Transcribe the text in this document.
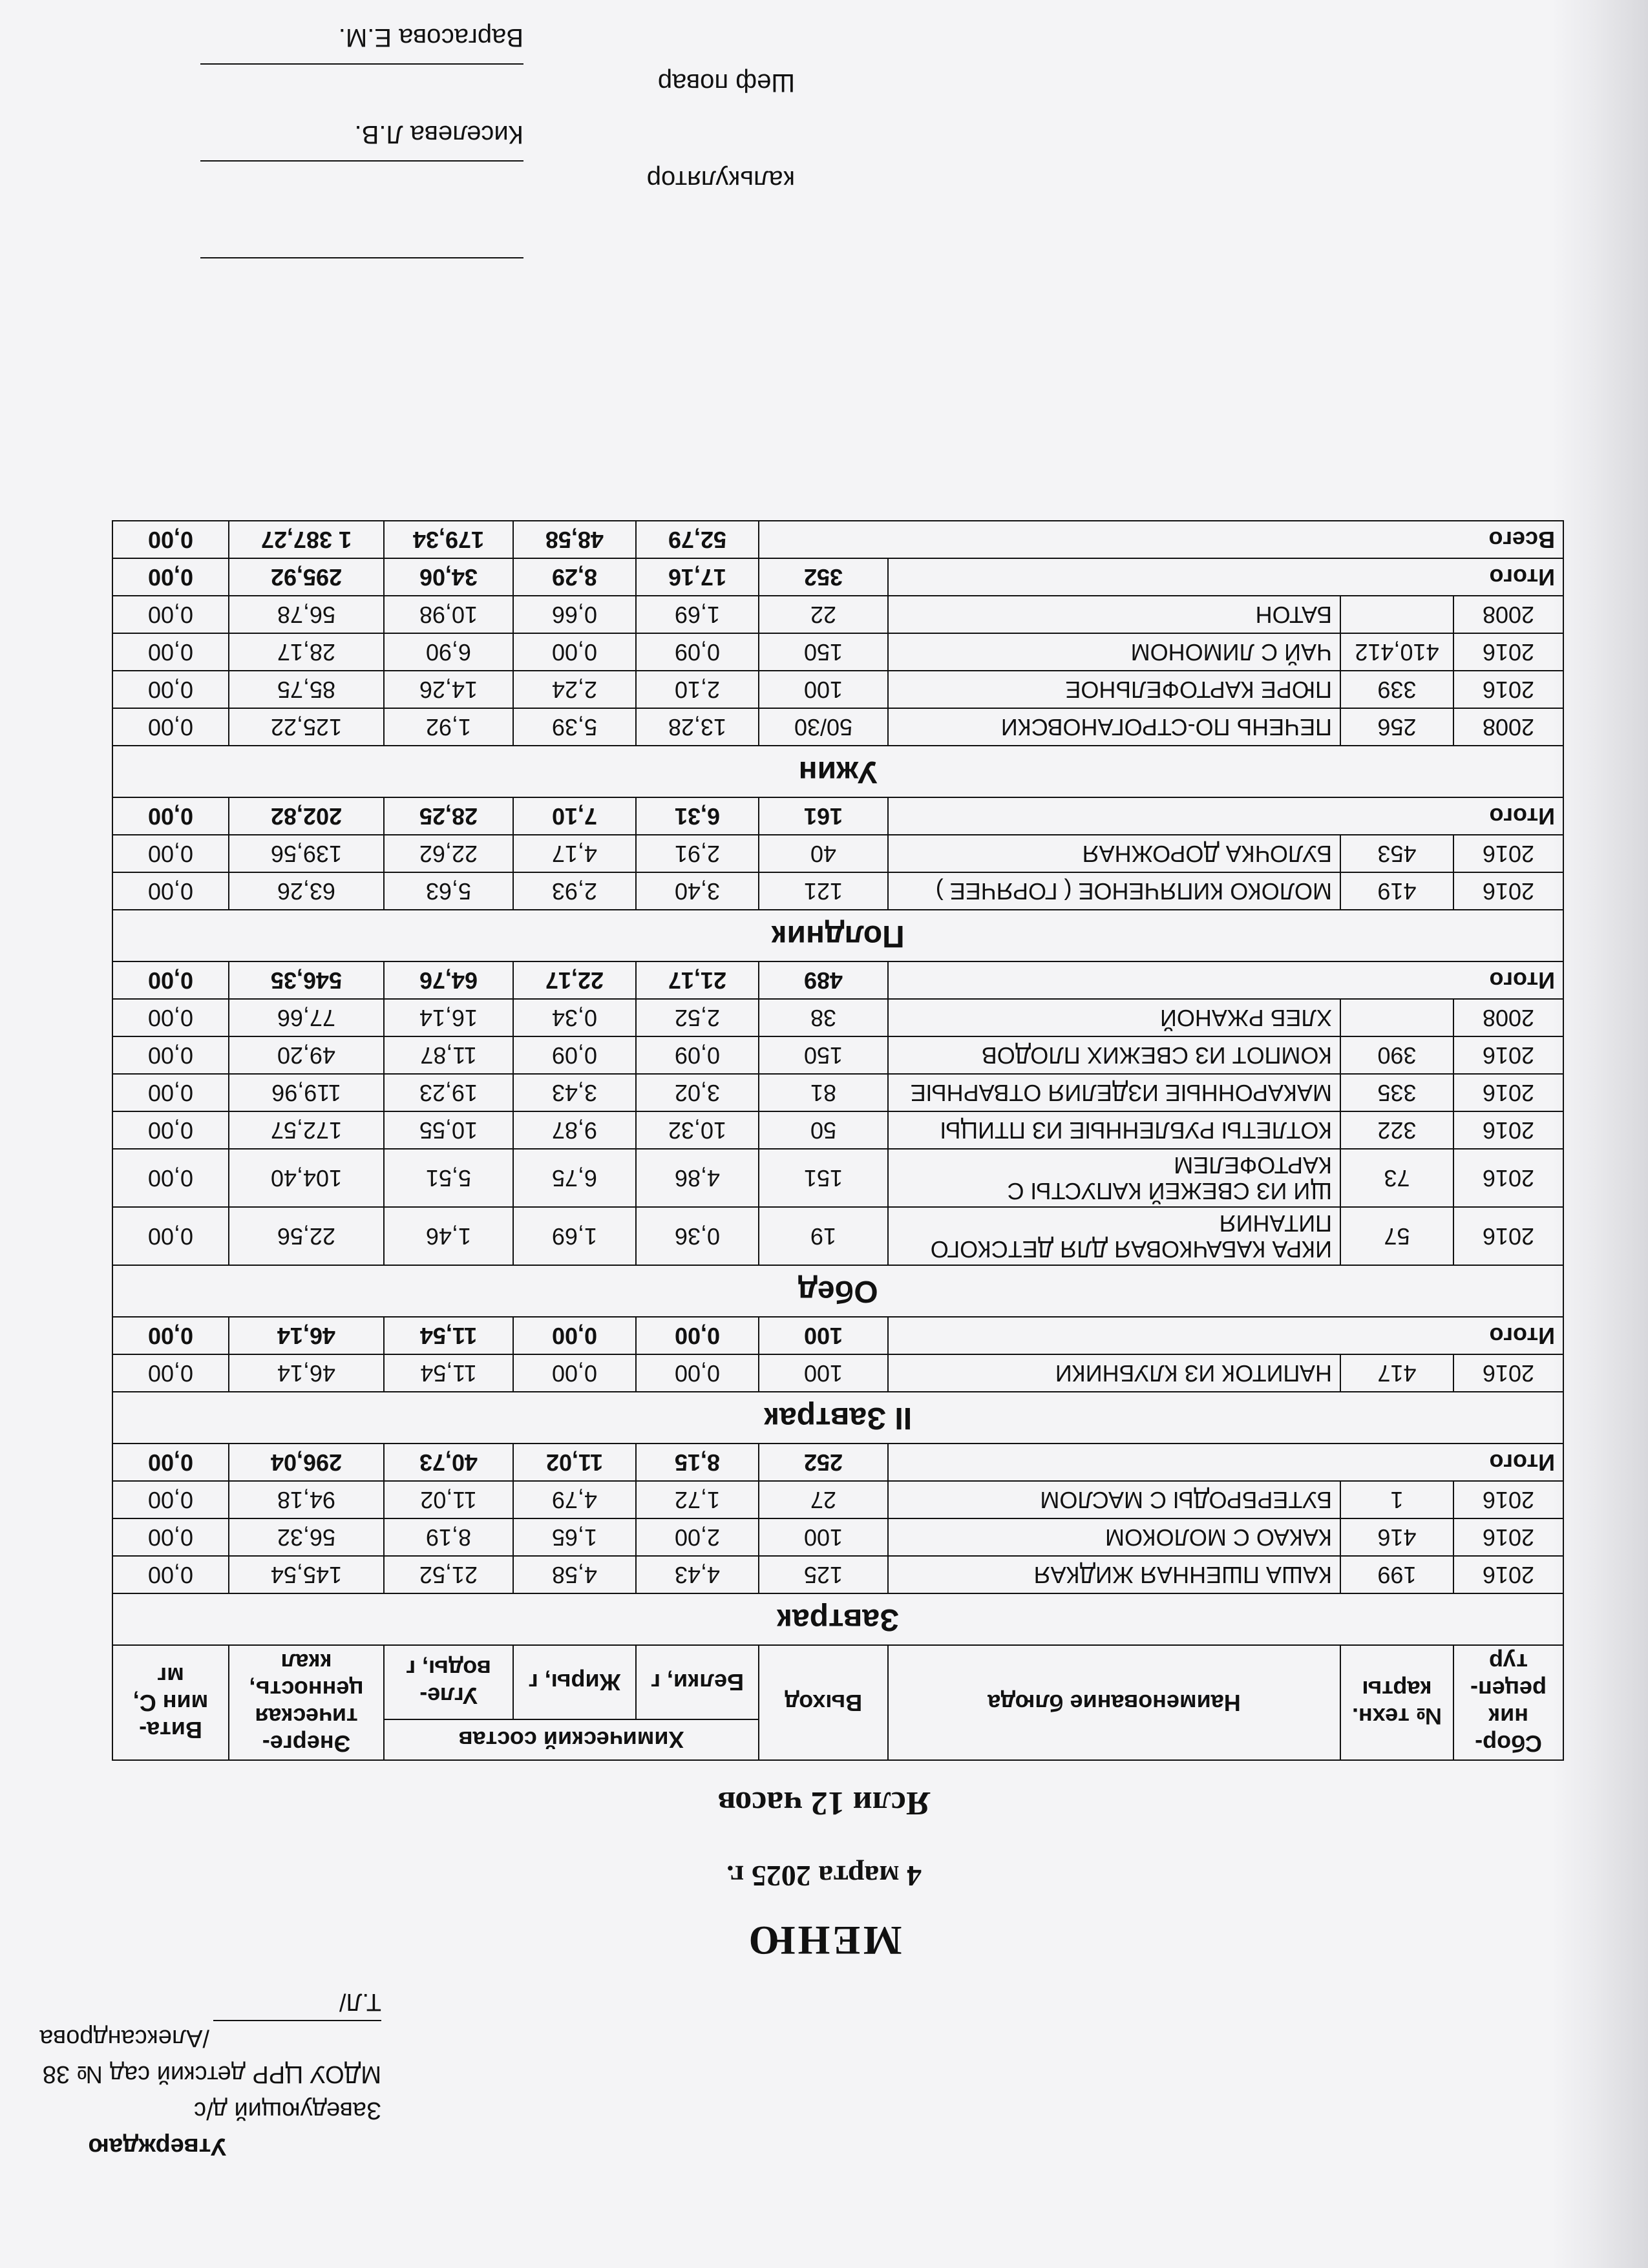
Утверждаю
Заведующий д/с
МДОУ ЦРР детский сад № 38
/Александрова Т.Л/
МЕНЮ
4 марта 2025 г.
Ясли 12 часов
Сбор-ник рецеп-тур	№ техн. карты	Наименование блюда	Выход	Химический состав			Энерге-тическая ценность, ккал	Вита-мин С, мг
				Белки, г	Жиры, г	Угле-воды, г		
Завтрак								
2016	199	КАША ПШЕННАЯ ЖИДКАЯ	125	4,43	4,58	21,52	145,54	0,00
2016	416	КАКАО С МОЛОКОМ	100	2,00	1,65	8,19	56,32	0,00
2016	1	БУТЕРБРОДЫ С МАСЛОМ	27	1,72	4,79	11,02	94,18	0,00
Итого			252	8,15	11,02	40,73	296,04	0,00
II Завтрак								
2016	417	НАПИТОК ИЗ КЛУБНИКИ	100	0,00	0,00	11,54	46,14	0,00
Итого			100	0,00	0,00	11,54	46,14	0,00
Обед								
2016	57	ИКРА КАБАЧКОВАЯ ДЛЯ ДЕТСКОГО ПИТАНИЯ	19	0,36	1,69	1,46	22,56	0,00
2016	73	ЩИ ИЗ СВЕЖЕЙ КАПУСТЫ С КАРТОФЕЛЕМ	151	4,86	6,75	5,51	104,40	0,00
2016	322	КОТЛЕТЫ РУБЛЕННЫЕ ИЗ ПТИЦЫ	50	10,32	9,87	10,55	172,57	0,00
2016	335	МАКАРОННЫЕ ИЗДЕЛИЯ ОТВАРНЫЕ	81	3,02	3,43	19,23	119,96	0,00
2016	390	КОМПОТ ИЗ СВЕЖИХ ПЛОДОВ	150	0,09	0,09	11,87	49,20	0,00
2008		ХЛЕБ РЖАНОЙ	38	2,52	0,34	16,14	77,66	0,00
Итого			489	21,17	22,17	64,76	546,35	0,00
Полдник								
2016	419	МОЛОКО КИПЯЧЕНОЕ ( ГОРЯЧЕЕ )	121	3,40	2,93	5,63	63,26	0,00
2016	453	БУЛОЧКА ДОРОЖНАЯ	40	2,91	4,17	22,62	139,56	0,00
Итого			161	6,31	7,10	28,25	202,82	0,00
Ужин								
2008	256	ПЕЧЕНЬ ПО-СТРОГАНОВСКИ	50/30	13,28	5,39	1,92	125,22	0,00
2016	339	ПЮРЕ КАРТОФЕЛЬНОЕ	100	2,10	2,24	14,26	85,75	0,00
2016	410,412	ЧАЙ С ЛИМОНОМ	150	0,09	0,00	6,90	28,17	0,00
2008		БАТОН	22	1,69	0,66	10,98	56,78	0,00
Итого			352	17,16	8,29	34,06	295,92	0,00
Всего				52,79	48,58	179,34	1 387,27	0,00
калькулятор
Киселева Л.В.
Шеф повар
Варгасова Е.М.
